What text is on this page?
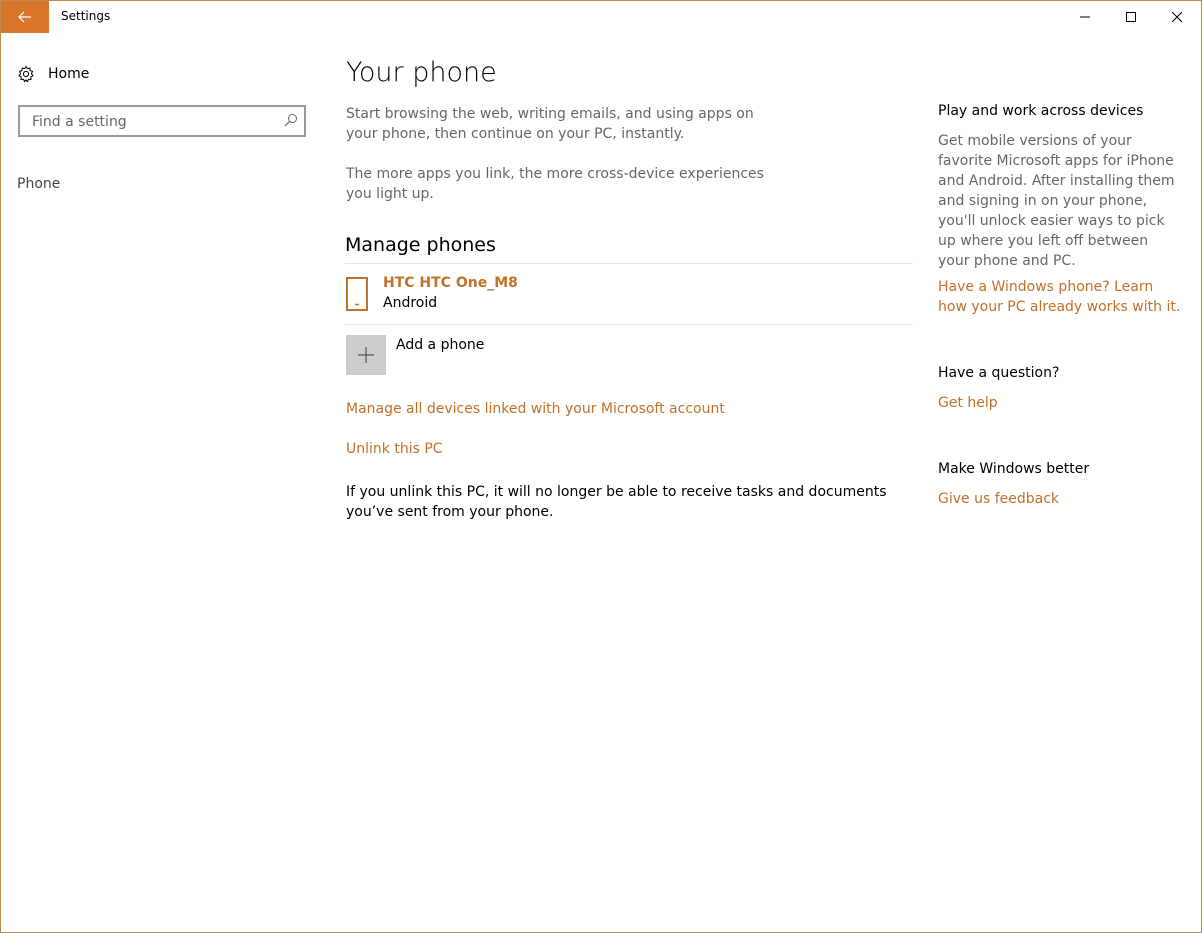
Settings
Home
Find a setting
Phone
Your phone
Start browsing the web, writing emails, and using apps on your phone, then continue on your PC, instantly.
The more apps you link, the more cross-device experiences you light up.
Manage phones
HTC HTC One_M8
Android
Add a phone
Manage all devices linked with your Microsoft account
Unlink this PC
If you unlink this PC, it will no longer be able to receive tasks and documents you’ve sent from your phone.
Play and work across devices
Get mobile versions of your favorite Microsoft apps for iPhone and Android. After installing them and signing in on your phone, you'll unlock easier ways to pick up where you left off between your phone and PC.
Have a Windows phone? Learn how your PC already works with it.
Have a question?
Get help
Make Windows better
Give us feedback
